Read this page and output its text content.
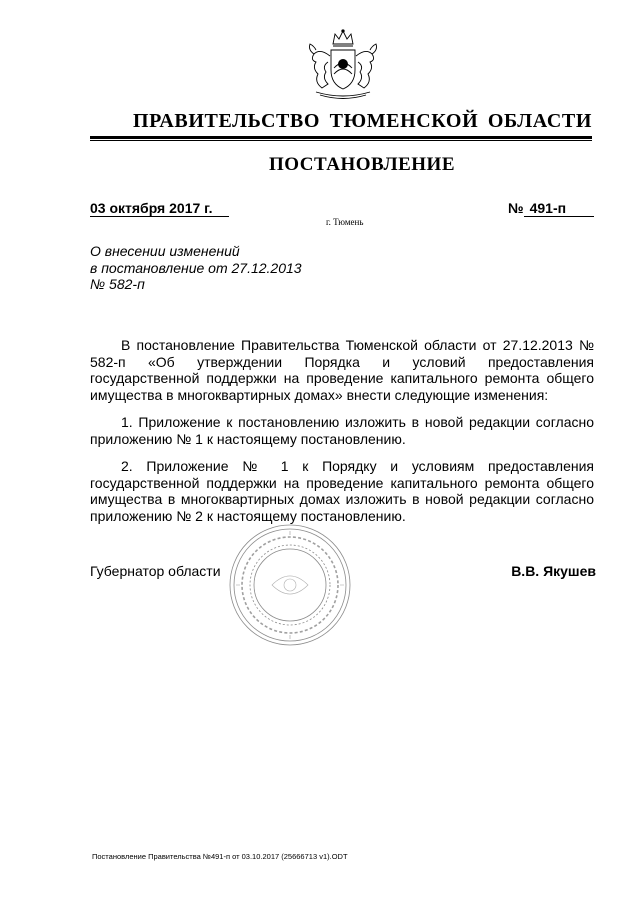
ПРАВИТЕЛЬСТВО ТЮМЕНСКОЙ ОБЛАСТИ
ПОСТАНОВЛЕНИЕ
03 октября 2017 г.	№ 491-п
г. Тюмень
О внесении изменений
в постановление от 27.12.2013
№ 582-п

В постановление Правительства Тюменской области от 27.12.2013 № 582-п «Об утверждении Порядка и условий предоставления государственной поддержки на проведение капитального ремонта общего имущества в многоквартирных домах» внести следующие изменения:

1. Приложение к постановлению изложить в новой редакции согласно приложению № 1 к настоящему постановлению.

2. Приложение № 1 к Порядку и условиям предоставления государственной поддержки на проведение капитального ремонта общего имущества в многоквартирных домах изложить в новой редакции согласно приложению № 2 к настоящему постановлению.

Губернатор области	В.В. Якушев
Постановление Правительства №491-п от 03.10.2017 (25666713 v1).ODT
